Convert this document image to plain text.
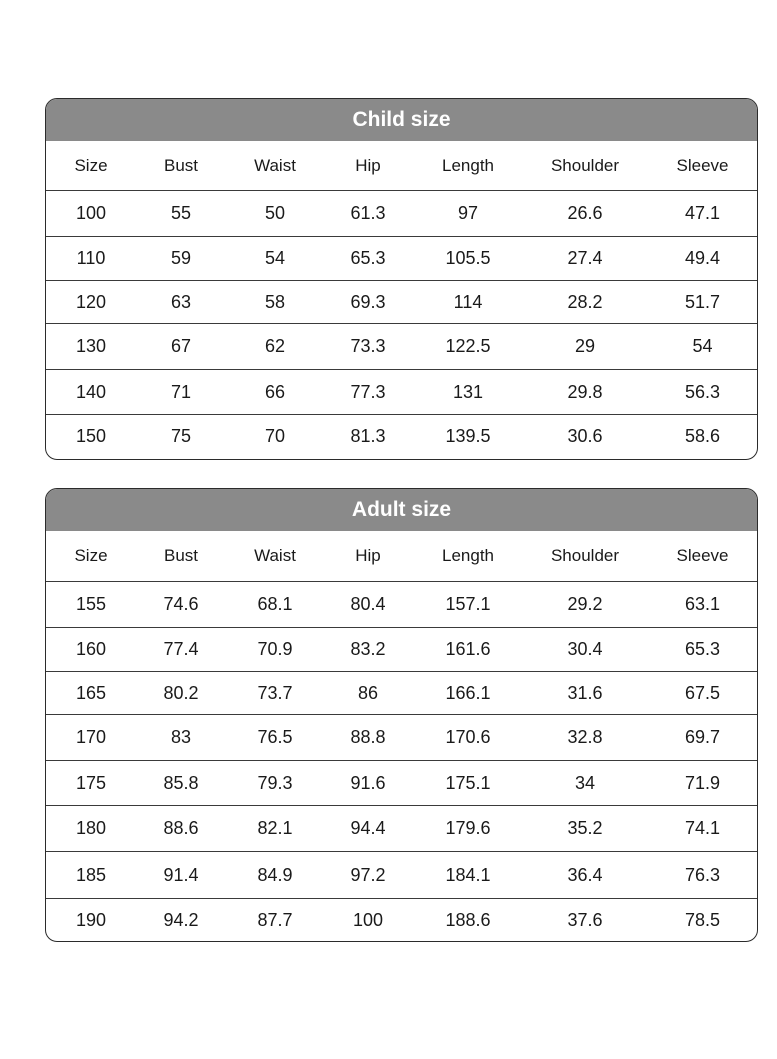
Child size
Size	Bust	Waist	Hip	Length	Shoulder	Sleeve
100	55	50	61.3	97	26.6	47.1
110	59	54	65.3	105.5	27.4	49.4
120	63	58	69.3	114	28.2	51.7
130	67	62	73.3	122.5	29	54
140	71	66	77.3	131	29.8	56.3
150	75	70	81.3	139.5	30.6	58.6
Adult size
Size	Bust	Waist	Hip	Length	Shoulder	Sleeve
155	74.6	68.1	80.4	157.1	29.2	63.1
160	77.4	70.9	83.2	161.6	30.4	65.3
165	80.2	73.7	86	166.1	31.6	67.5
170	83	76.5	88.8	170.6	32.8	69.7
175	85.8	79.3	91.6	175.1	34	71.9
180	88.6	82.1	94.4	179.6	35.2	74.1
185	91.4	84.9	97.2	184.1	36.4	76.3
190	94.2	87.7	100	188.6	37.6	78.5
